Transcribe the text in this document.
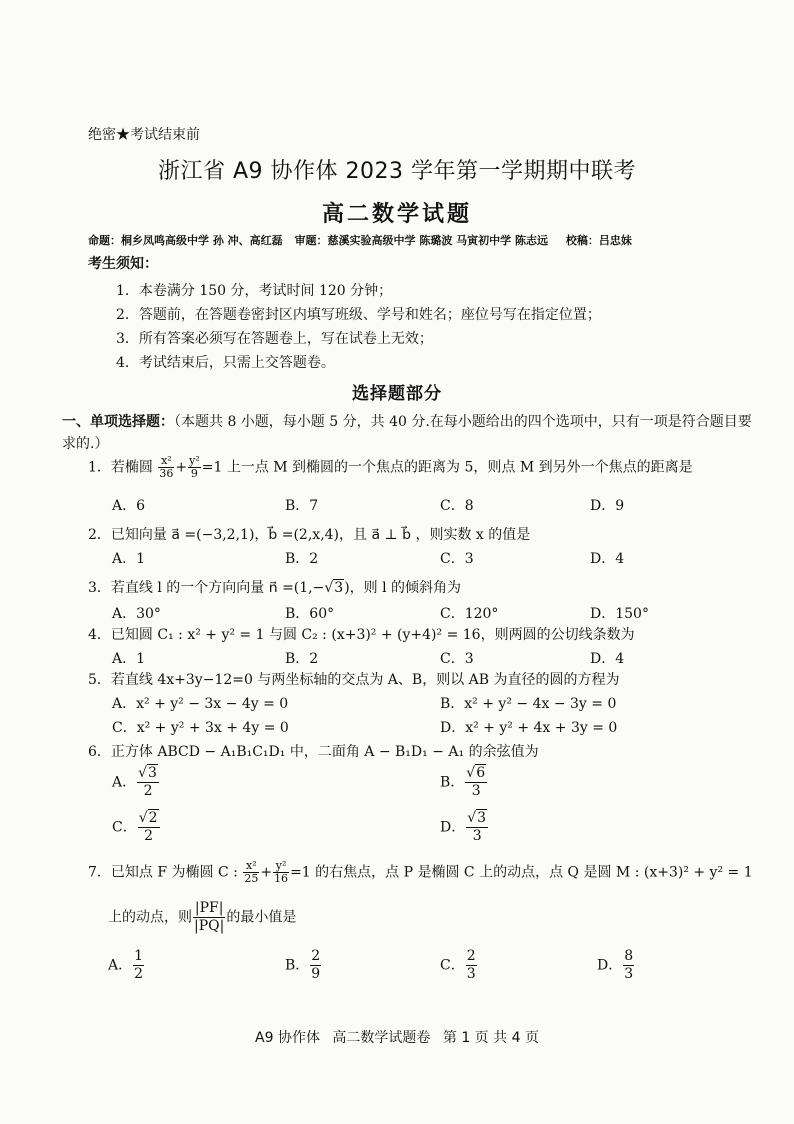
绝密★考试结束前
浙江省 A9 协作体 2023 学年第一学期期中联考
高二数学试题
命题：桐乡凤鸣高级中学 孙 冲、高红磊 审题：慈溪实验高级中学 陈璐波 马寅初中学 陈志远 校稿：吕忠妹
考生须知：
1．本卷满分 150 分，考试时间 120 分钟；
2．答题前，在答题卷密封区内填写班级、学号和姓名；座位号写在指定位置；
3．所有答案必须写在答题卷上，写在试卷上无效；
4．考试结束后，只需上交答题卷。
选择题部分
一、单项选择题：（本题共 8 小题，每小题 5 分，共 40 分.在每小题给出的四个选项中，只有一项是符合题目要求的.）
1．若椭圆 $\frac{\text{x²}}{36} + \frac{\text{y²}}{9} =1$ 上一点 M 到椭圆的一个焦点的距离为 5，则点 M 到另外一个焦点的距离是
A．6	B．7	C．8	D．9
2．已知向量 a⃗ =(−3,2,1)，b⃗ =(2,x,4)，且 a⃗ ⊥ b⃗ ，则实数 x 的值是
A．1	B．2	C．3	D．4
3．若直线 l 的一个方向向量 n⃗ =(1,−√3)，则 l 的倾斜角为
A．30°	B．60°	C．120°	D．150°
4．已知圆 C₁ : x² + y² = 1 与圆 C₂ : (x+3)² + (y+4)² = 16，则两圆的公切线条数为
A．1	B．2	C．3	D．4
5．若直线 4x+3y−12=0 与两坐标轴的交点为 A、B，则以 AB 为直径的圆的方程为
A．x² + y² − 3x − 4y = 0	B．x² + y² − 4x − 3y = 0
C．x² + y² + 3x + 4y = 0	D．x² + y² + 4x + 3y = 0
6．正方体 ABCD − A₁B₁C₁D₁ 中，二面角 A − B₁D₁ − A₁ 的余弦值为
A． $\frac{√3}{2}$	B． $\frac{√6}{3}$
C． $\frac{√2}{2}$	D． $\frac{√3}{3}$
7．已知点 F 为椭圆 C : $\frac{\text{x²}}{25} + \frac{\text{y²}}{16} =1$ 的右焦点，点 P 是椭圆 C 上的动点，点 Q 是圆 M : (x+3)² + y² = 1
上的动点，则 $\frac{|PF|}{|PQ|}$ 的最小值是
A． $\frac{1}{2}$	B． $\frac{2}{9}$	C． $\frac{2}{3}$	D． $\frac{8}{3}$
A9 协作体 高二数学试题卷 第 1 页 共 4 页
